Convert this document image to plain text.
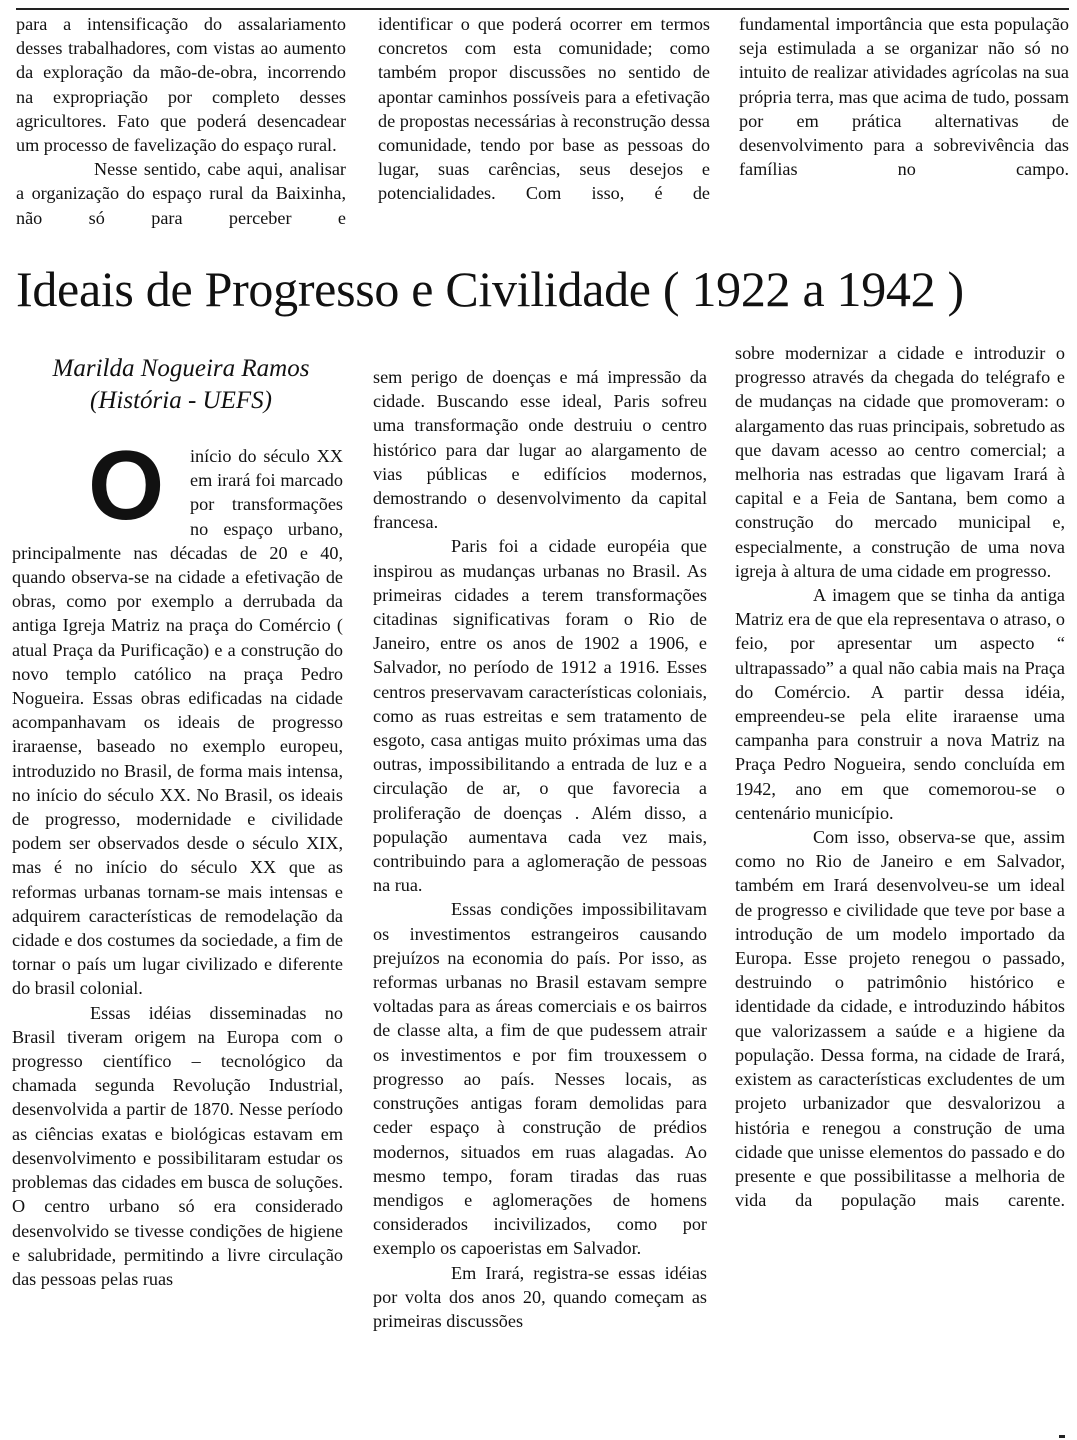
para a intensificação do assalariamento desses trabalhadores, com vistas ao aumento da exploração da mão-de-obra, incorrendo na expropriação por completo desses agricultores. Fato que poderá desencadear um processo de favelização do espaço rural.

Nesse sentido, cabe aqui, analisar a organização do espaço rural da Baixinha, não só para perceber e

identificar o que poderá ocorrer em termos concretos com esta comunidade; como também propor discussões no sentido de apontar caminhos possíveis para a efetivação de propostas necessárias à reconstrução dessa comunidade, tendo por base as pessoas do lugar, suas carências, seus desejos e potencialidades. Com isso, é de

fundamental importância que esta população seja estimulada a se organizar não só no intuito de realizar atividades agrícolas na sua própria terra, mas que acima de tudo, possam por em prática alternativas de desenvolvimento para a sobrevivência das famílias no campo.

Ideais de Progresso e Civilidade ( 1922 a 1942 )
Marilda Nogueira Ramos
(História - UEFS)

O início do século XX em irará foi marcado por transformações no espaço urbano, principalmente nas décadas de 20 e 40, quando observa-se na cidade a efetivação de obras, como por exemplo a derrubada da antiga Igreja Matriz na praça do Comércio ( atual Praça da Purificação) e a construção do novo templo católico na praça Pedro Nogueira. Essas obras edificadas na cidade acompanhavam os ideais de progresso iraraense, baseado no exemplo europeu, introduzido no Brasil, de forma mais intensa, no início do século XX. No Brasil, os ideais de progresso, modernidade e civilidade podem ser observados desde o século XIX, mas é no início do século XX que as reformas urbanas tornam-se mais intensas e adquirem características de remodelação da cidade e dos costumes da sociedade, a fim de tornar o país um lugar civilizado e diferente do brasil colonial.

Essas idéias disseminadas no Brasil tiveram origem na Europa com o progresso científico – tecnológico da chamada segunda Revolução Industrial, desenvolvida a partir de 1870. Nesse período as ciências exatas e biológicas estavam em desenvolvimento e possibilitaram estudar os problemas das cidades em busca de soluções. O centro urbano só era considerado desenvolvido se tivesse condições de higiene e salubridade, permitindo a livre circulação das pessoas pelas ruas

sem perigo de doenças e má impressão da cidade. Buscando esse ideal, Paris sofreu uma transformação onde destruiu o centro histórico para dar lugar ao alargamento de vias públicas e edifícios modernos, demostrando o desenvolvimento da capital francesa.

Paris foi a cidade européia que inspirou as mudanças urbanas no Brasil. As primeiras cidades a terem transformações citadinas significativas foram o Rio de Janeiro, entre os anos de 1902 a 1906, e Salvador, no período de 1912 a 1916. Esses centros preservavam características coloniais, como as ruas estreitas e sem tratamento de esgoto, casa antigas muito próximas uma das outras, impossibilitando a entrada de luz e a circulação de ar, o que favorecia a proliferação de doenças . Além disso, a população aumentava cada vez mais, contribuindo para a aglomeração de pessoas na rua.

Essas condições impossibilitavam os investimentos estrangeiros causando prejuízos na economia do país. Por isso, as reformas urbanas no Brasil estavam sempre voltadas para as áreas comerciais e os bairros de classe alta, a fim de que pudessem atrair os investimentos e por fim trouxessem o progresso ao país. Nesses locais, as construções antigas foram demolidas para ceder espaço à construção de prédios modernos, situados em ruas alagadas. Ao mesmo tempo, foram tiradas das ruas mendigos e aglomerações de homens considerados incivilizados, como por exemplo os capoeristas em Salvador.

Em Irará, registra-se essas idéias por volta dos anos 20, quando começam as primeiras discussões

sobre modernizar a cidade e introduzir o progresso através da chegada do telégrafo e de mudanças na cidade que promoveram: o alargamento das ruas principais, sobretudo as que davam acesso ao centro comercial; a melhoria nas estradas que ligavam Irará à capital e a Feia de Santana, bem como a construção do mercado municipal e, especialmente, a construção de uma nova igreja à altura de uma cidade em progresso.

A imagem que se tinha da antiga Matriz era de que ela representava o atraso, o feio, por apresentar um aspecto “ ultrapassado” a qual não cabia mais na Praça do Comércio. A partir dessa idéia, empreendeu-se pela elite iraraense uma campanha para construir a nova Matriz na Praça Pedro Nogueira, sendo concluída em 1942, ano em que comemorou-se o centenário município.

Com isso, observa-se que, assim como no Rio de Janeiro e em Salvador, também em Irará desenvolveu-se um ideal de progresso e civilidade que teve por base a introdução de um modelo importado da Europa. Esse projeto renegou o passado, destruindo o patrimônio histórico e identidade da cidade, e introduzindo hábitos que valorizassem a saúde e a higiene da população. Dessa forma, na cidade de Irará, existem as características excludentes de um projeto urbanizador que desvalorizou a história e renegou a construção de uma cidade que unisse elementos do passado e do presente e que possibilitasse a melhoria de vida da população mais carente.
